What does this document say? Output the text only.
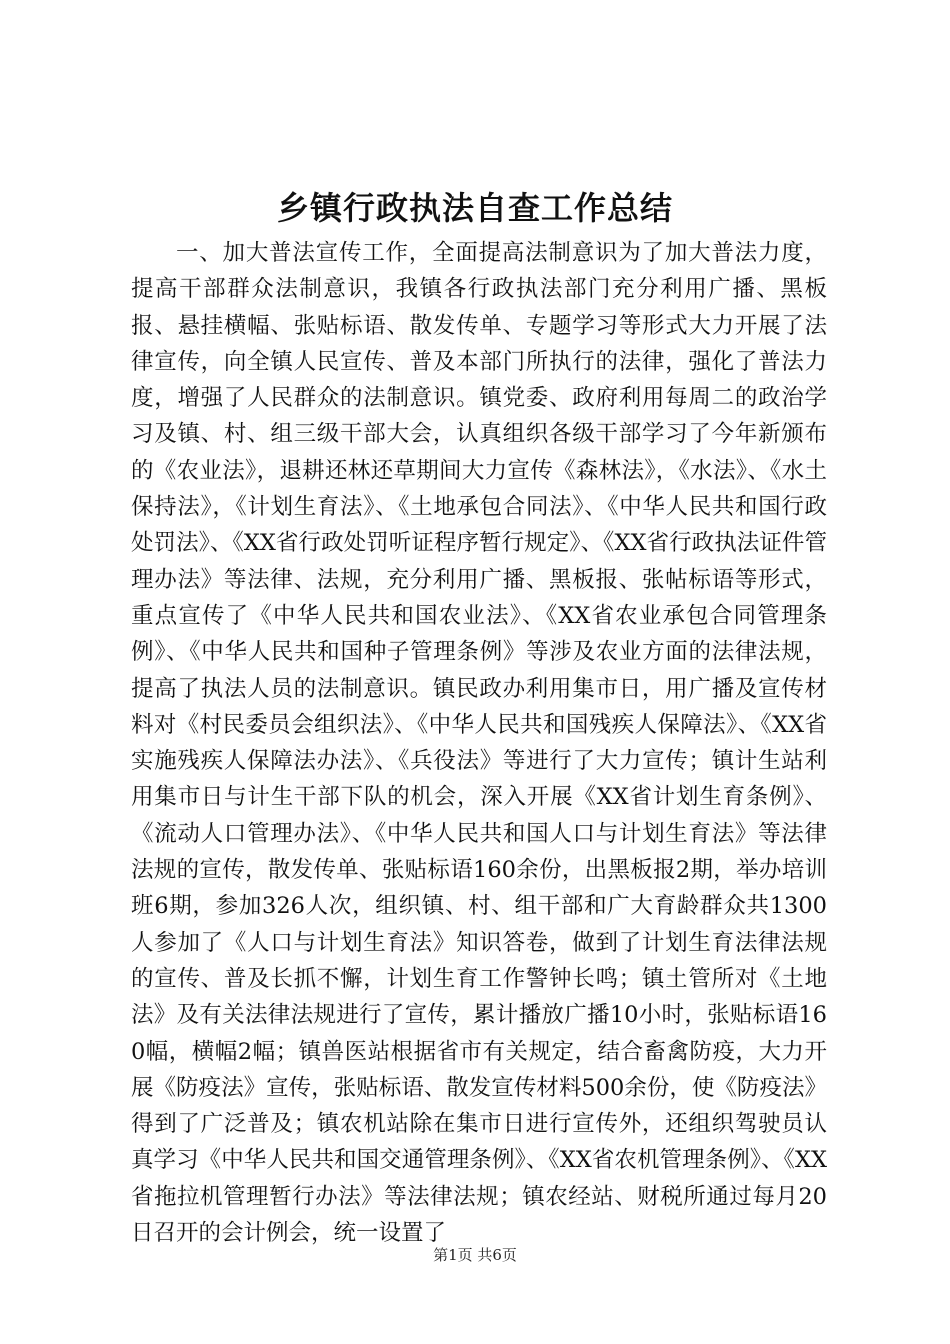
乡镇行政执法自查工作总结

一、加大普法宣传工作，全面提高法制意识为了加大普法力度，提高干部群众法制意识，我镇各行政执法部门充分利用广播、黑板报、悬挂横幅、张贴标语、散发传单、专题学习等形式大力开展了法律宣传，向全镇人民宣传、普及本部门所执行的法律，强化了普法力度，增强了人民群众的法制意识。镇党委、政府利用每周二的政治学习及镇、村、组三级干部大会，认真组织各级干部学习了今年新颁布的《农业法》，退耕还林还草期间大力宣传《森林法》，《水法》、《水土保持法》，《计划生育法》、《土地承包合同法》、《中华人民共和国行政处罚法》、《XX省行政处罚听证程序暂行规定》、《XX省行政执法证件管理办法》等法律、法规，充分利用广播、黑板报、张帖标语等形式，重点宣传了《中华人民共和国农业法》、《XX省农业承包合同管理条例》、《中华人民共和国种子管理条例》等涉及农业方面的法律法规，提高了执法人员的法制意识。镇民政办利用集市日，用广播及宣传材料对《村民委员会组织法》、《中华人民共和国残疾人保障法》、《XX省实施残疾人保障法办法》、《兵役法》等进行了大力宣传；镇计生站利用集市日与计生干部下队的机会，深入开展《XX省计划生育条例》、《流动人口管理办法》、《中华人民共和国人口与计划生育法》等法律法规的宣传，散发传单、张贴标语160余份，出黑板报2期，举办培训班6期，参加326人次，组织镇、村、组干部和广大育龄群众共1300人参加了《人口与计划生育法》知识答卷，做到了计划生育法律法规的宣传、普及长抓不懈，计划生育工作警钟长鸣；镇土管所对《土地法》及有关法律法规进行了宣传，累计播放广播10小时，张贴标语160幅，横幅2幅；镇兽医站根据省市有关规定，结合畜禽防疫，大力开展《防疫法》宣传，张贴标语、散发宣传材料500余份，使《防疫法》得到了广泛普及；镇农机站除在集市日进行宣传外，还组织驾驶员认真学习《中华人民共和国交通管理条例》、《XX省农机管理条例》、《XX省拖拉机管理暂行办法》等法律法规；镇农经站、财税所通过每月20日召开的会计例会，统一设置了

第1页 共6页
